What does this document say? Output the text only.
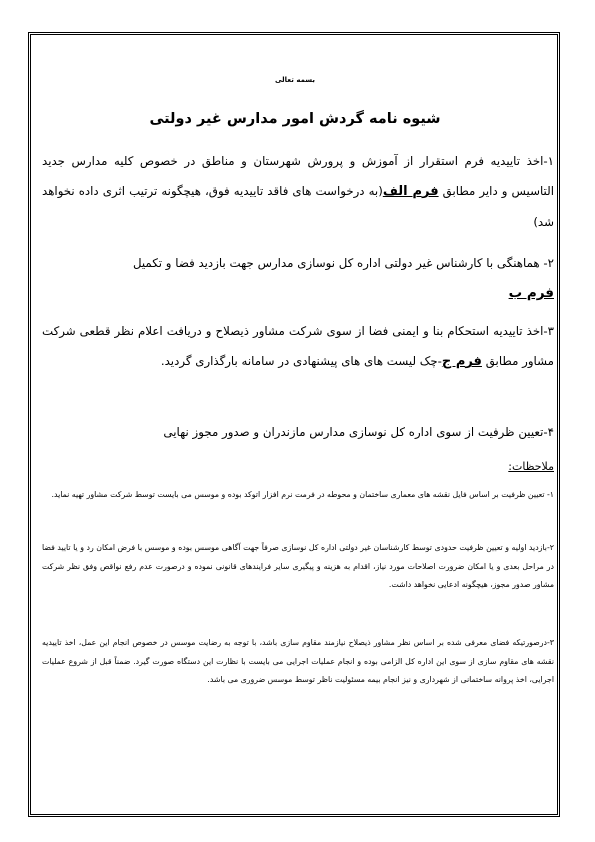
بسمه تعالی
شیوه نامه گردش امور مدارس غیر دولتی

۱-اخذ تاییدیه فرم استقرار از آموزش و پرورش شهرستان و مناطق در خصوص کلیه مدارس جدید التاسیس و دایر مطابق فرم الف(به درخواست های فاقد تاییدیه فوق، هیچگونه ترتیب اثری داده نخواهد شد)

۲- هماهنگی با کارشناس غیر دولتی اداره کل نوسازی مدارس جهت بازدید فضا و تکمیل

فرم ب

۳-اخذ تاییدیه استحکام بنا و ایمنی فضا از سوی شرکت مشاور ذیصلاح و دریافت اعلام نظر قطعی شرکت مشاور مطابق فرم ج-چک لیست های های پیشنهادی در سامانه بارگذاری گردید.

۴-تعیین ظرفیت از سوی اداره کل نوسازی مدارس مازندران و صدور مجوز نهایی

ملاحظات:

۱- تعیین ظرفیت بر اساس فایل نقشه های معماری ساختمان و محوطه در فرمت نرم افزار اتوکد بوده و موسس می بایست توسط شرکت مشاور تهیه نماید.

۲-بازدید اولیه و تعیین ظرفیت حدودی توسط کارشناسان غیر دولتی اداره کل نوسازی صرفاً جهت آگاهی موسس بوده و موسس با فرض امکان رد و یا تایید فضا در مراحل بعدی و یا امکان ضرورت اصلاحات مورد نیاز، اقدام به هزینه و پیگیری سایر فرایندهای قانونی نموده و درصورت عدم رفع نواقص وفق نظر شرکت مشاور صدور مجوز، هیچگونه ادعایی نخواهد داشت.

۳-درصورتیکه فضای معرفی شده بر اساس نظر مشاور ذیصلاح نیازمند مقاوم سازی باشد، با توجه به رضایت موسس در خصوص انجام این عمل، اخذ تاییدیه نقشه های مقاوم سازی از سوی این اداره کل الزامی بوده و انجام عملیات اجرایی می بایست با نظارت این دستگاه صورت گیرد. ضمناً قبل از شروع عملیات اجرایی، اخذ پروانه ساختمانی از شهرداری و نیز انجام بیمه مسئولیت ناظر توسط موسس ضروری می باشد.
